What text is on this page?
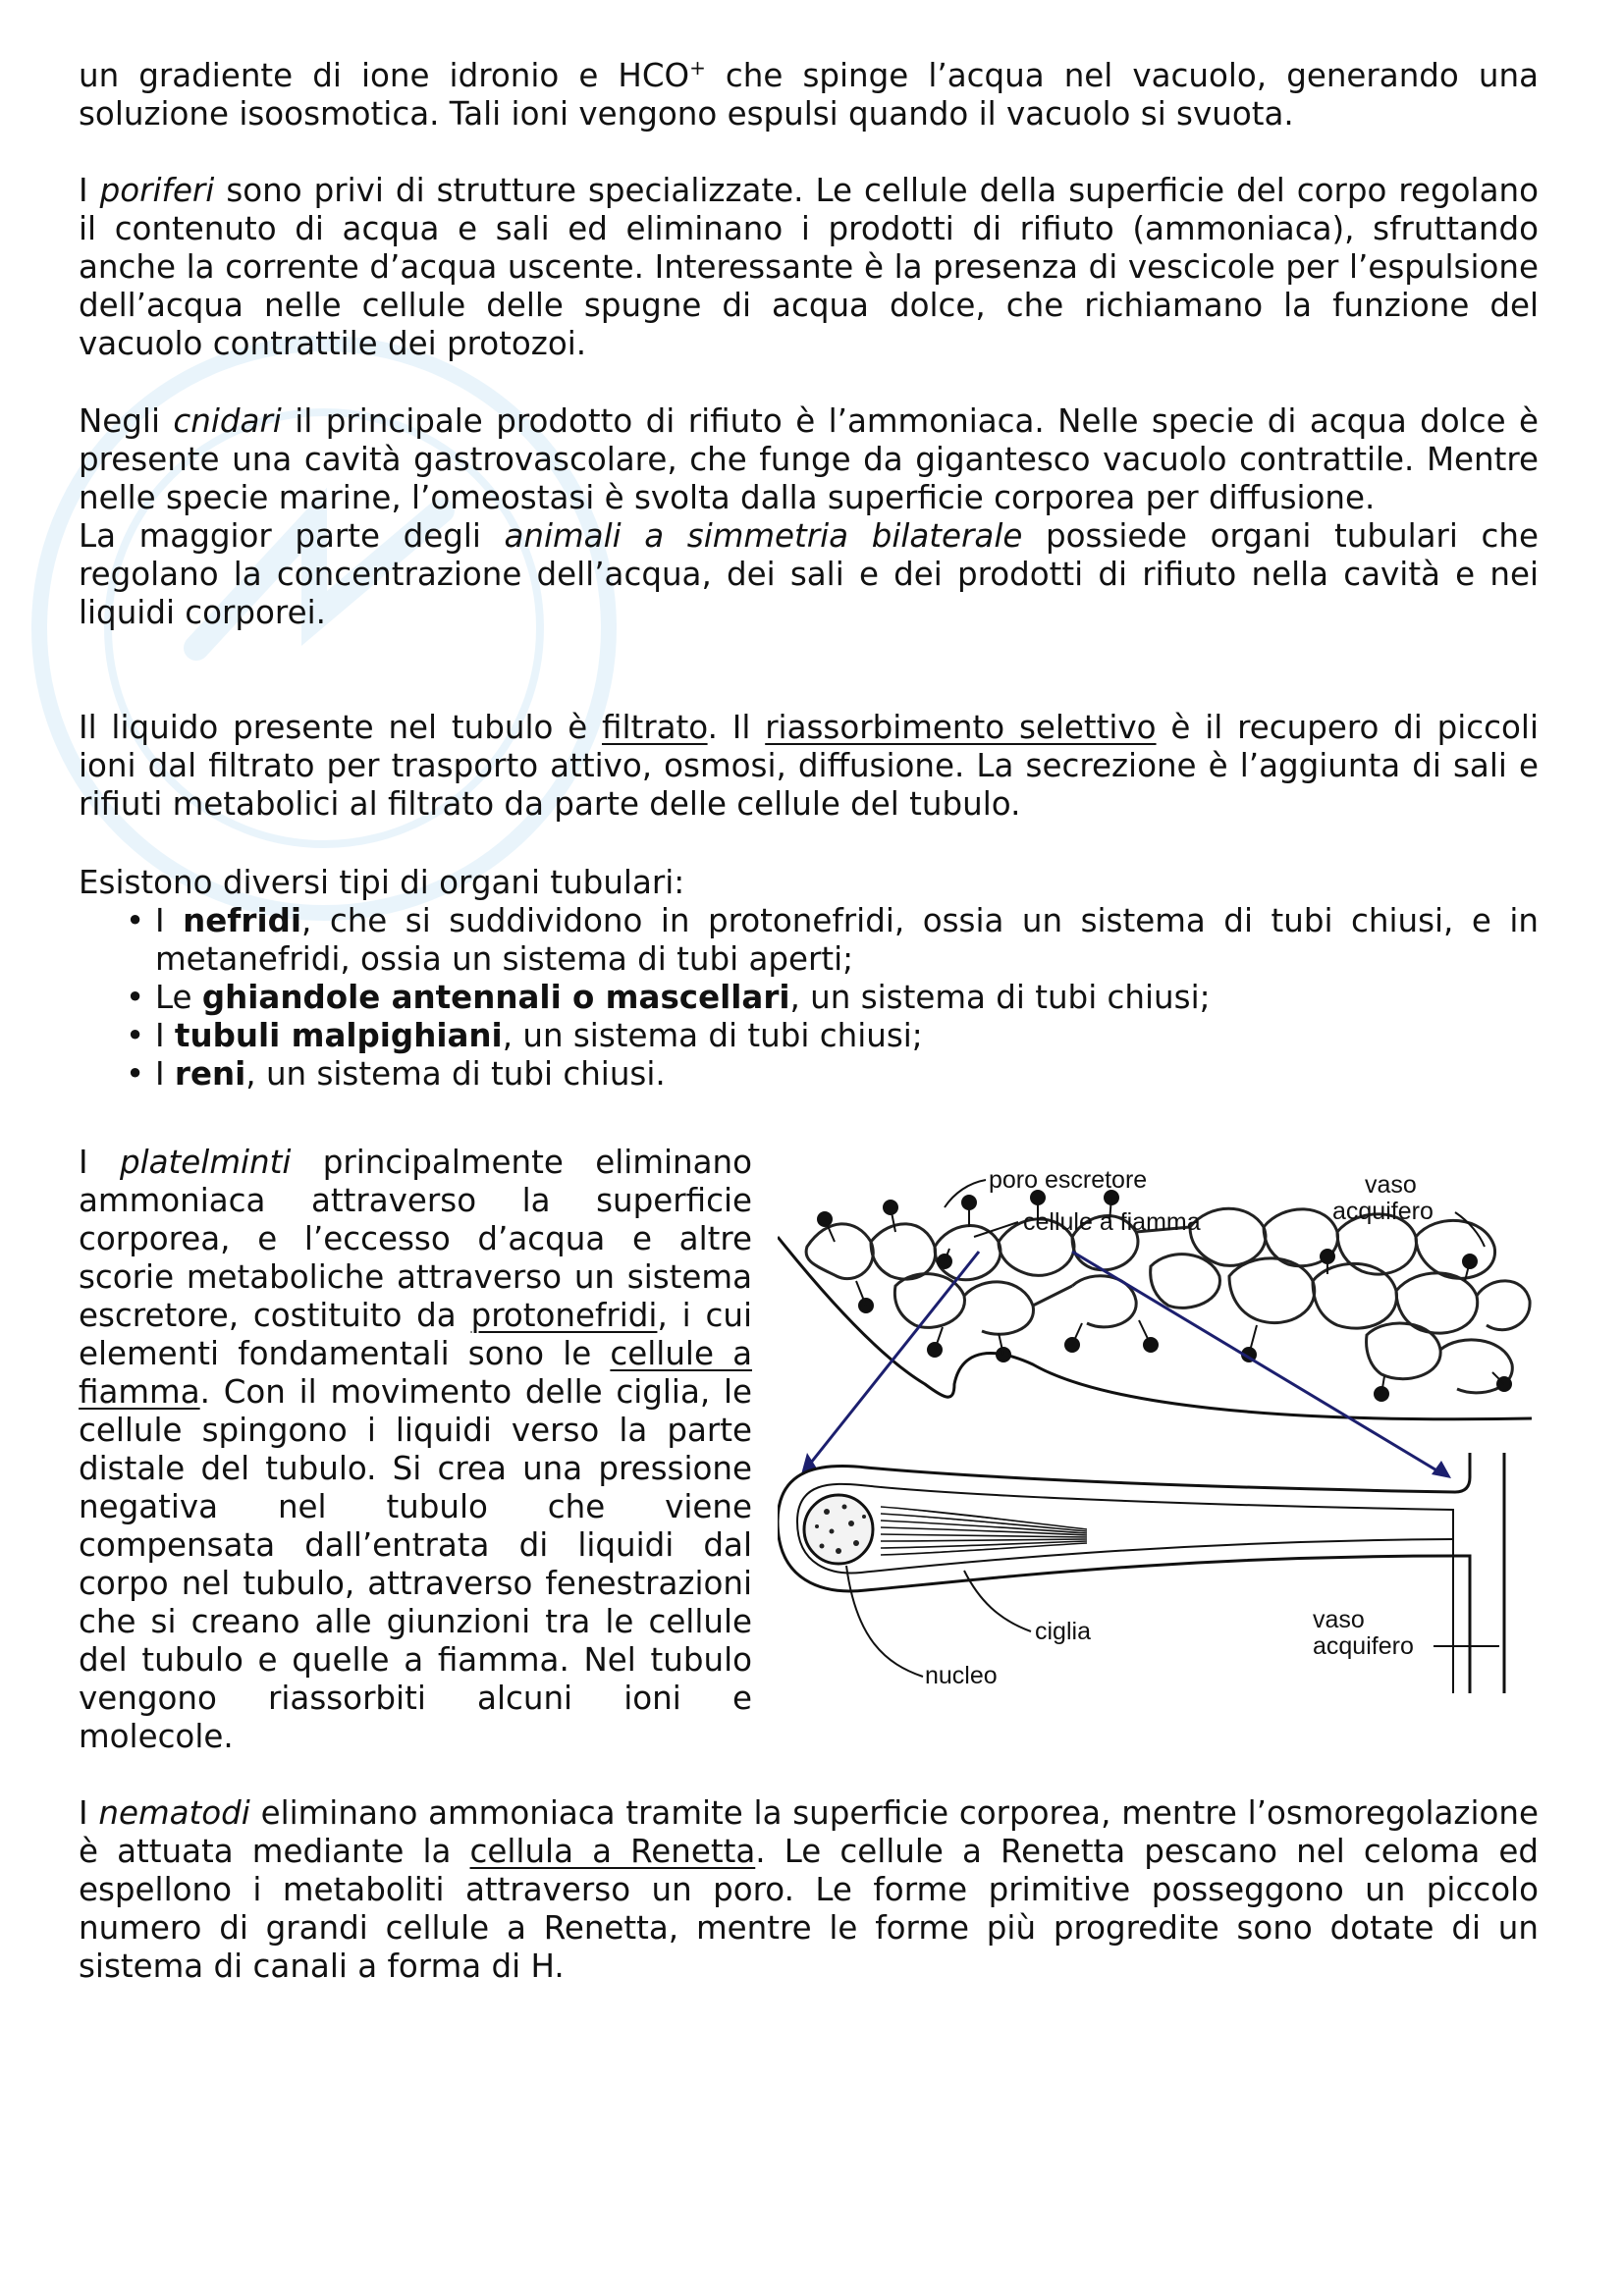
un gradiente di ione idronio e HCO+ che spinge l’acqua nel vacuolo, generando una soluzione isoosmotica. Tali ioni vengono espulsi quando il vacuolo si svuota.

I poriferi sono privi di strutture specializzate. Le cellule della superficie del corpo regolano il contenuto di acqua e sali ed eliminano i prodotti di rifiuto (ammoniaca), sfruttando anche la corrente d’acqua uscente. Interessante è la presenza di vescicole per l’espulsione dell’acqua nelle cellule delle spugne di acqua dolce, che richiamano la funzione del vacuolo contrattile dei protozoi.

Negli cnidari il principale prodotto di rifiuto è l’ammoniaca. Nelle specie di acqua dolce è presente una cavità gastrovascolare, che funge da gigantesco vacuolo contrattile. Mentre nelle specie marine, l’omeostasi è svolta dalla superficie corporea per diffusione.
La maggior parte degli animali a simmetria bilaterale possiede organi tubulari che regolano la concentrazione dell’acqua, dei sali e dei prodotti di rifiuto nella cavità e nei liquidi corporei.

Il liquido presente nel tubulo è filtrato. Il riassorbimento selettivo è il recupero di piccoli ioni dal filtrato per trasporto attivo, osmosi, diffusione. La secrezione è l’aggiunta di sali e rifiuti metabolici al filtrato da parte delle cellule del tubulo.

Esistono diversi tipi di organi tubulari:

• I nefridi, che si suddividono in protonefridi, ossia un sistema di tubi chiusi, e in metanefridi, ossia un sistema di tubi aperti;
• Le ghiandole antennali o mascellari, un sistema di tubi chiusi;
• I tubuli malpighiani, un sistema di tubi chiusi;
• I reni, un sistema di tubi chiusi.

I platelminti principalmente eliminano ammoniaca attraverso la superficie corporea, e l’eccesso d’acqua e altre scorie metaboliche attraverso un sistema escretore, costituito da protonefridi, i cui elementi fondamentali sono le cellule a fiamma. Con il movimento delle ciglia, le cellule spingono i liquidi verso la parte distale del tubulo. Si crea una pressione negativa nel tubulo che viene compensata dall’entrata di liquidi dal corpo nel tubulo, attraverso fenestrazioni che si creano alle giunzioni tra le cellule del tubulo e quelle a fiamma. Nel tubulo vengono riassorbiti alcuni ioni e molecole.

poro escretore
cellule a fiamma
vaso
acquifero
ciglia	vaso
acquifero
nucleo

I nematodi eliminano ammoniaca tramite la superficie corporea, mentre l’osmoregolazione è attuata mediante la cellula a Renetta. Le cellule a Renetta pescano nel celoma ed espellono i metaboliti attraverso un poro. Le forme primitive posseggono un piccolo numero di grandi cellule a Renetta, mentre le forme più progredite sono dotate di un sistema di canali a forma di H.
